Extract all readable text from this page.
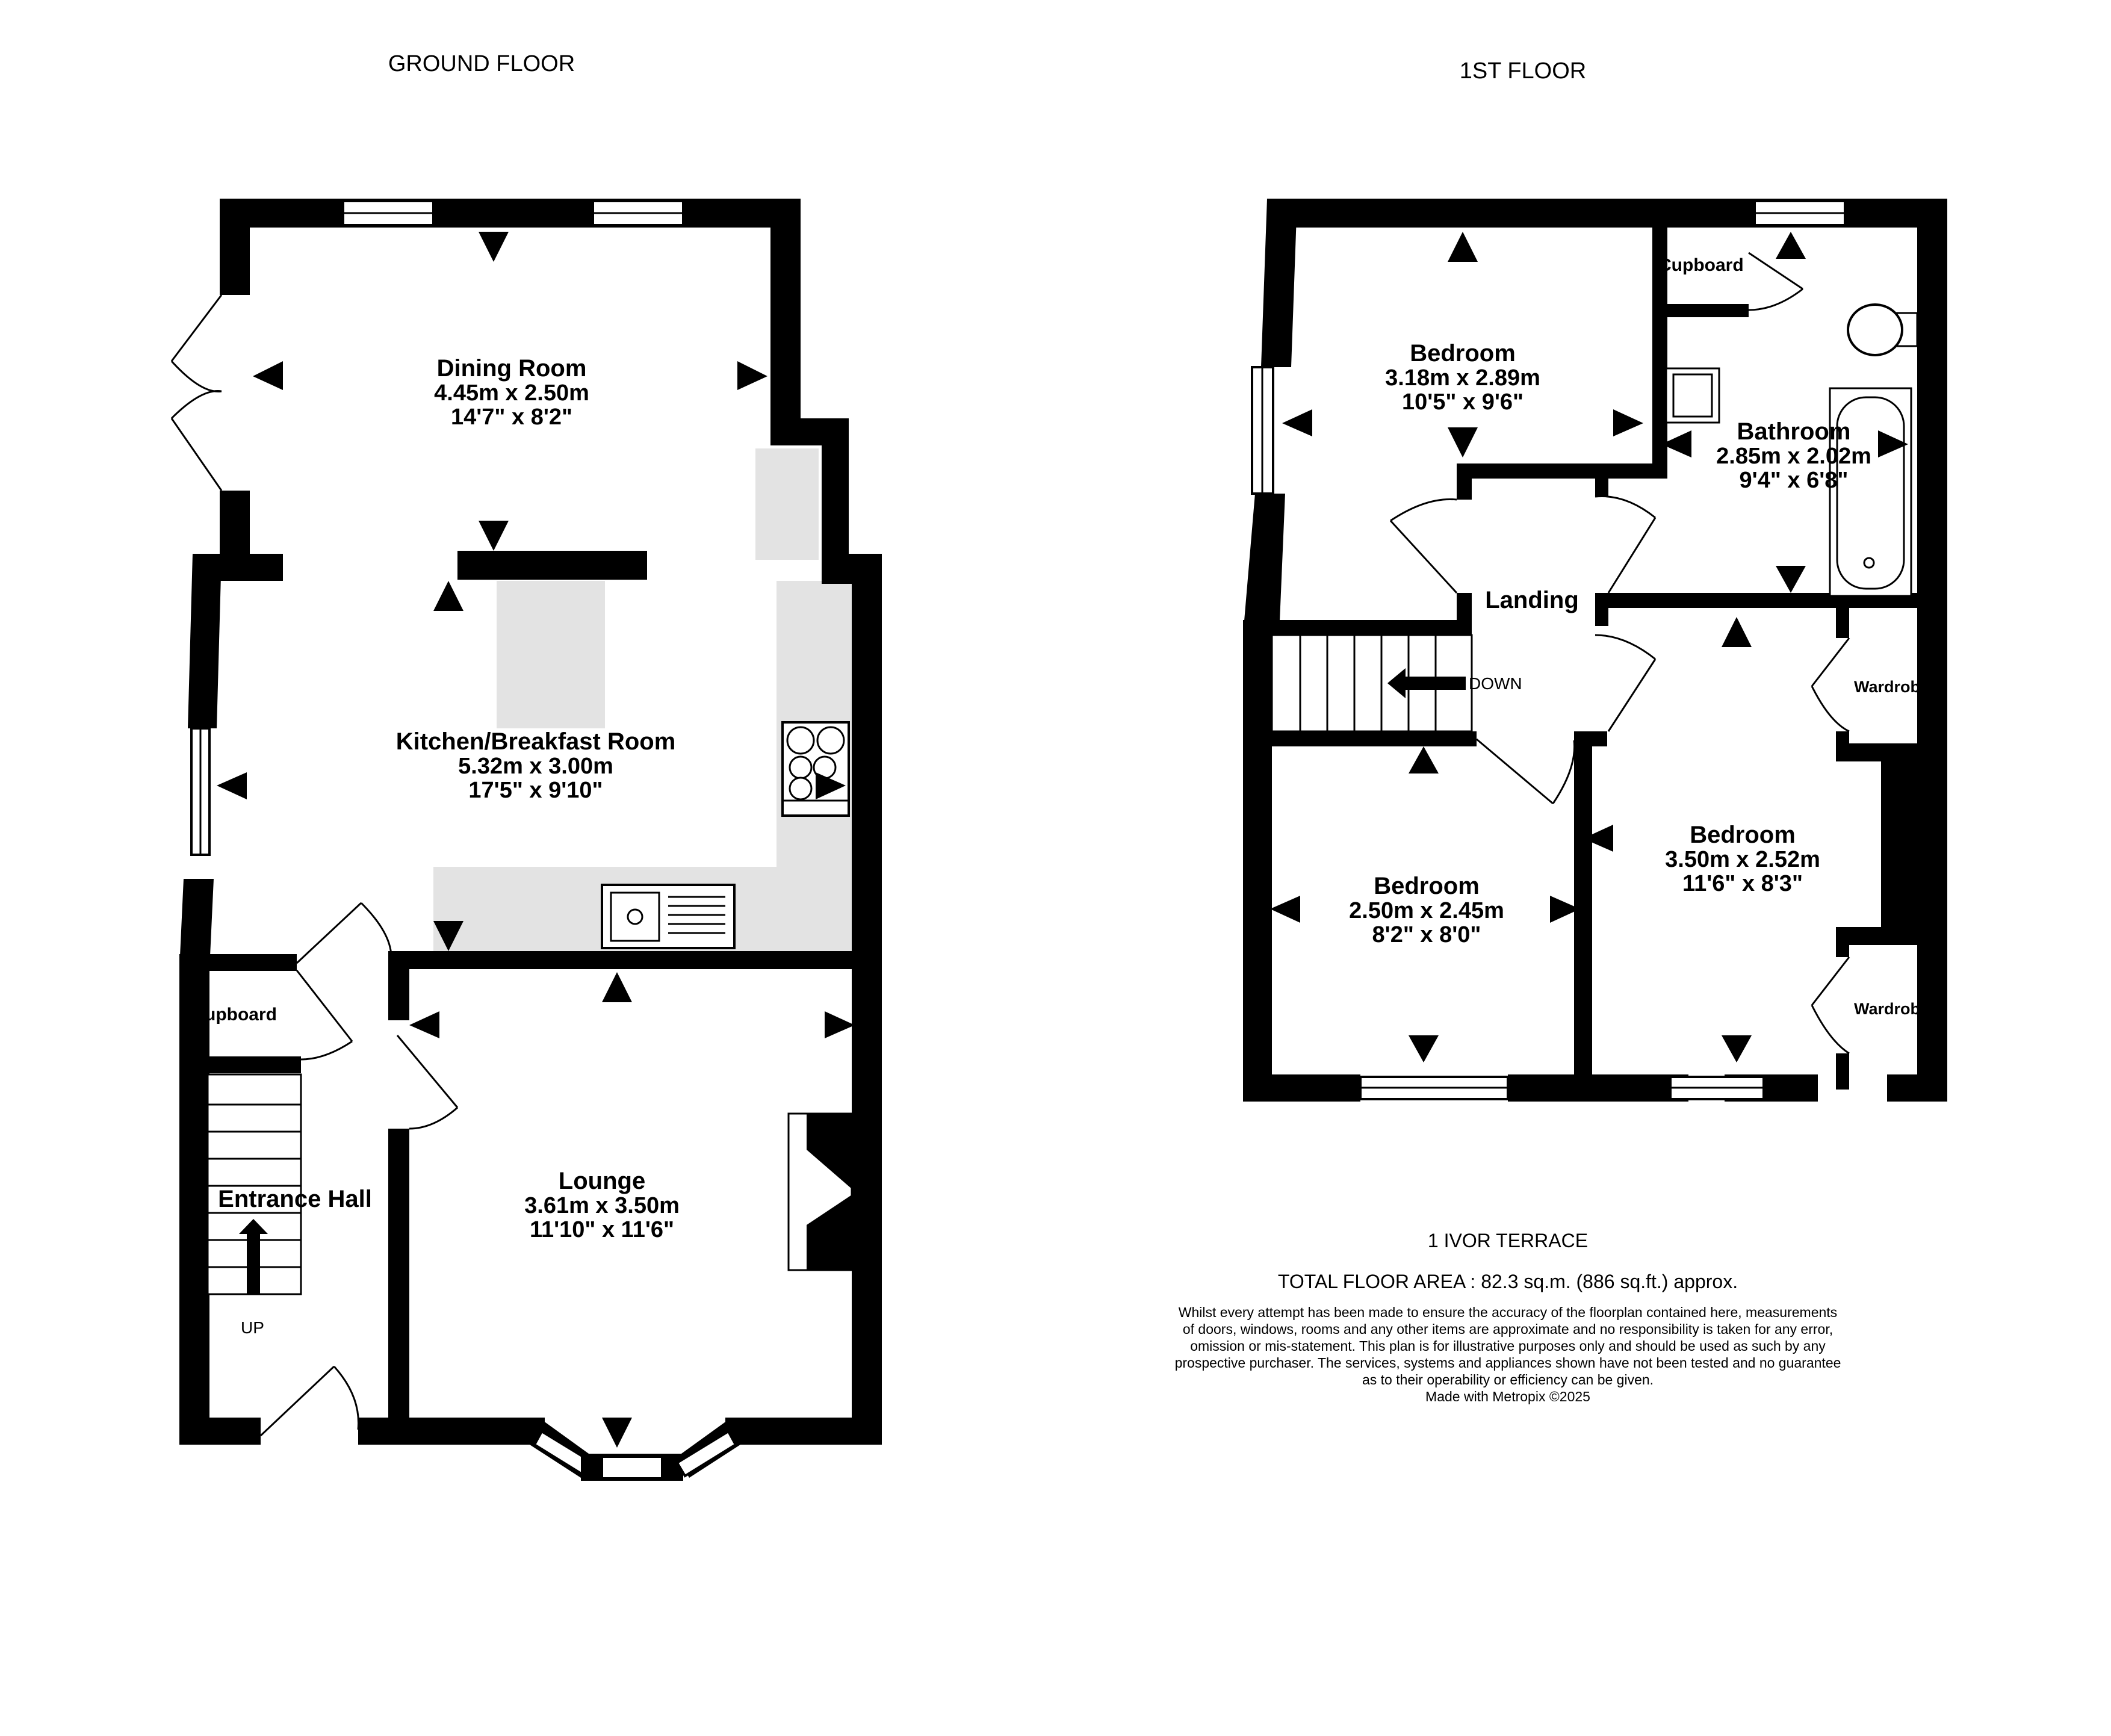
GROUND FLOOR	1ST FLOOR
Dining Room
4.45m x 2.50m
14'7" x 8'2"
Kitchen/Breakfast Room
5.32m x 3.00m
17'5" x 9'10"
Lounge
3.61m x 3.50m
11'10" x 11'6"
Entrance Hall
upboard
UP
Bedroom
3.18m x 2.89m
10'5" x 9'6"
Bathroom
2.85m x 2.02m
9'4" x 6'8"
Landing
DOWN
Bedroom
2.50m x 2.45m
8'2" x 8'0"
Bedroom
3.50m x 2.52m
11'6" x 8'3"
Cupboard
Wardrob
Wardrob
1 IVOR TERRACE
TOTAL FLOOR AREA : 82.3 sq.m. (886 sq.ft.) approx.
Whilst every attempt has been made to ensure the accuracy of the floorplan contained here, measurements
of doors, windows, rooms and any other items are approximate and no responsibility is taken for any error,
omission or mis-statement. This plan is for illustrative purposes only and should be used as such by any
prospective purchaser. The services, systems and appliances shown have not been tested and no guarantee
as to their operability or efficiency can be given.
Made with Metropix ©2025
